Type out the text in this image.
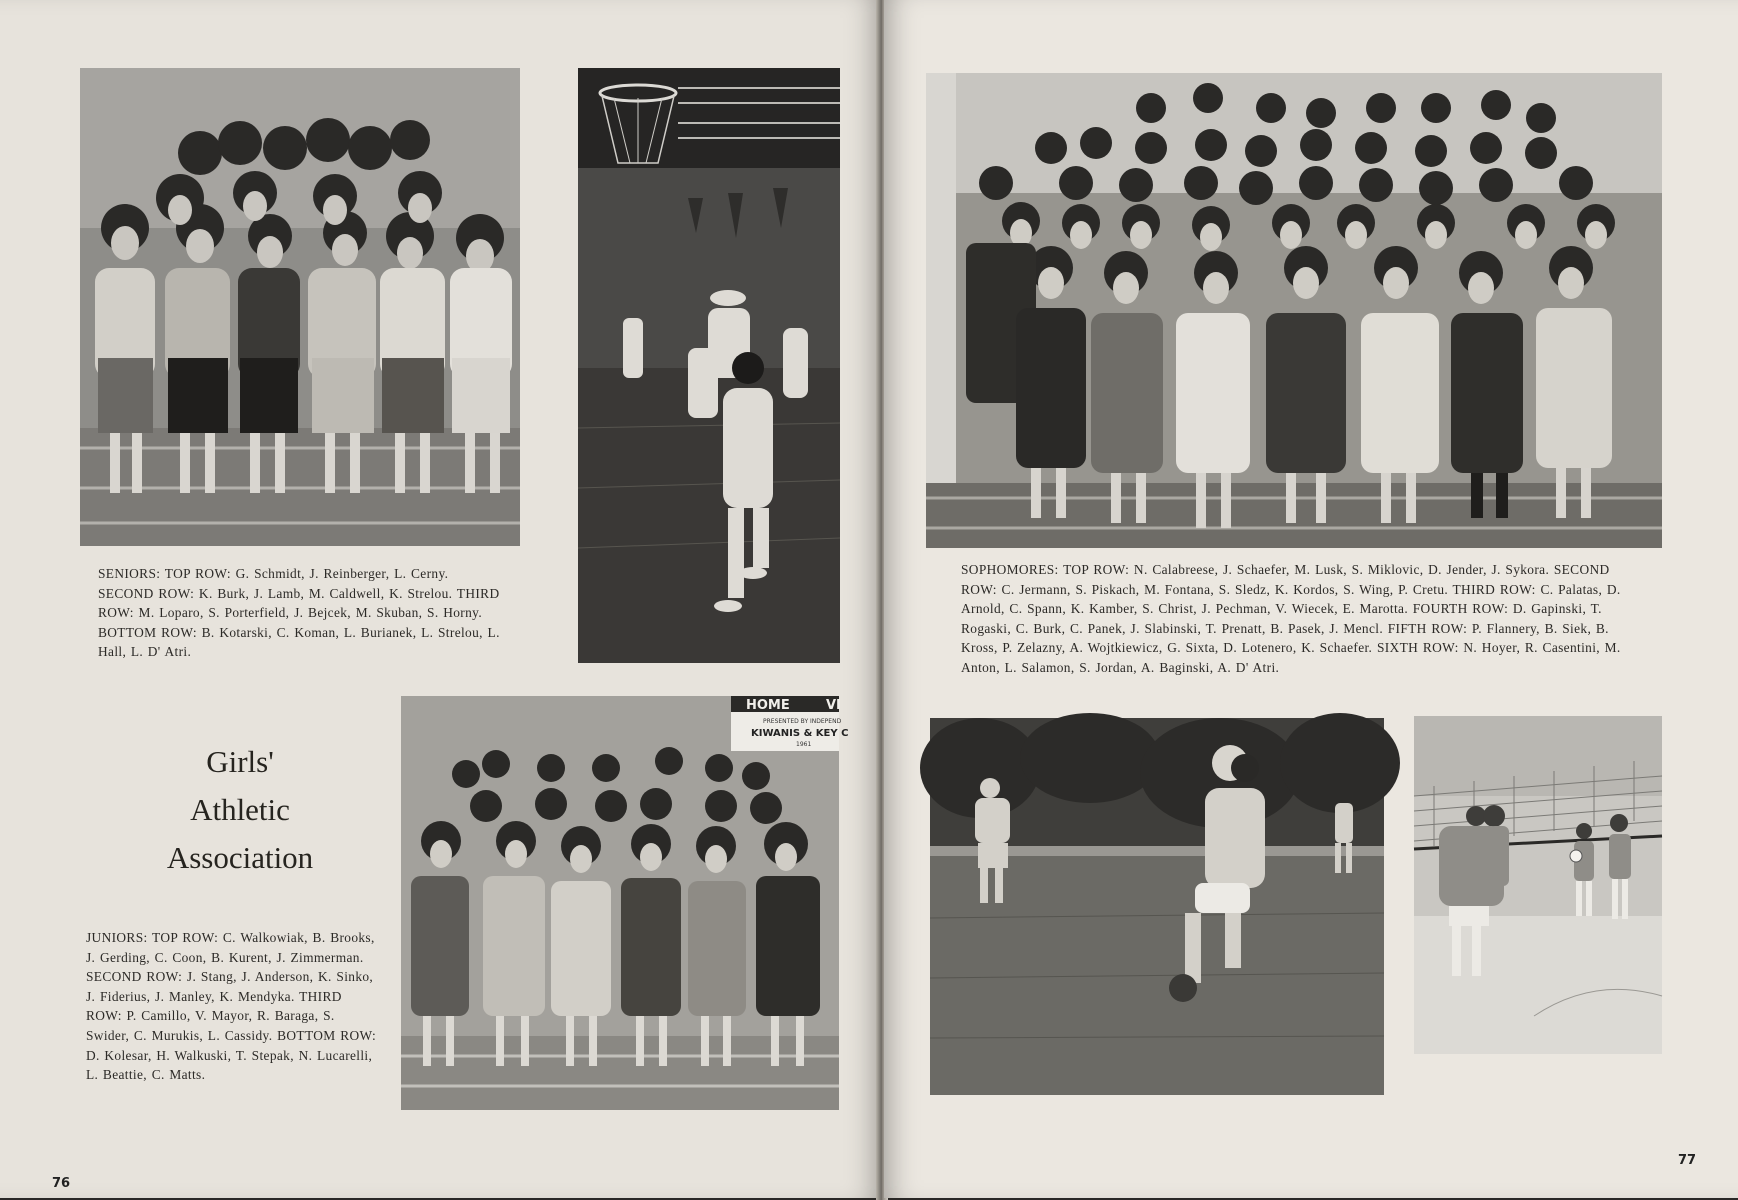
SENIORS: TOP ROW: G. Schmidt, J. Reinberger, L. Cerny. SECOND ROW: K. Burk, J. Lamb, M. Caldwell, K. Strelou. THIRD ROW: M. Loparo, S. Porterfield, J. Bejcek, M. Skuban, S. Horny. BOTTOM ROW: B. Kotarski, C. Koman, L. Burianek, L. Strelou, L. Hall, L. D' Atri.

Girls'
Athletic
Association
HOME	VI
PRESENTED BY INDEPEND
KIWANIS & KEY C
1961

JUNIORS: TOP ROW: C. Walkowiak, B. Brooks, J. Gerding, C. Coon, B. Kurent, J. Zimmerman. SECOND ROW: J. Stang, J. Anderson, K. Sinko, J. Fiderius, J. Manley, K. Mendyka. THIRD ROW: P. Camillo, V. Mayor, R. Baraga, S. Swider, C. Murukis, L. Cassidy. BOTTOM ROW: D. Kolesar, H. Walkuski, T. Stepak, N. Lucarelli, L. Beattie, C. Matts.

76

SOPHOMORES: TOP ROW: N. Calabreese, J. Schaefer, M. Lusk, S. Miklovic, D. Jender, J. Sykora. SECOND ROW: C. Jermann, S. Piskach, M. Fontana, S. Sledz, K. Kordos, S. Wing, P. Cretu. THIRD ROW: C. Palatas, D. Arnold, C. Spann, K. Kamber, S. Christ, J. Pechman, V. Wiecek, E. Marotta. FOURTH ROW: D. Gapinski, T. Rogaski, C. Burk, C. Panek, J. Slabinski, T. Prenatt, B. Pasek, J. Mencl. FIFTH ROW: P. Flannery, B. Siek, B. Kross, P. Zelazny, A. Wojtkiewicz, G. Sixta, D. Lotenero, K. Schaefer. SIXTH ROW: N. Hoyer, R. Casentini, M. Anton, L. Salamon, S. Jordan, A. Baginski, A. D' Atri.

77
